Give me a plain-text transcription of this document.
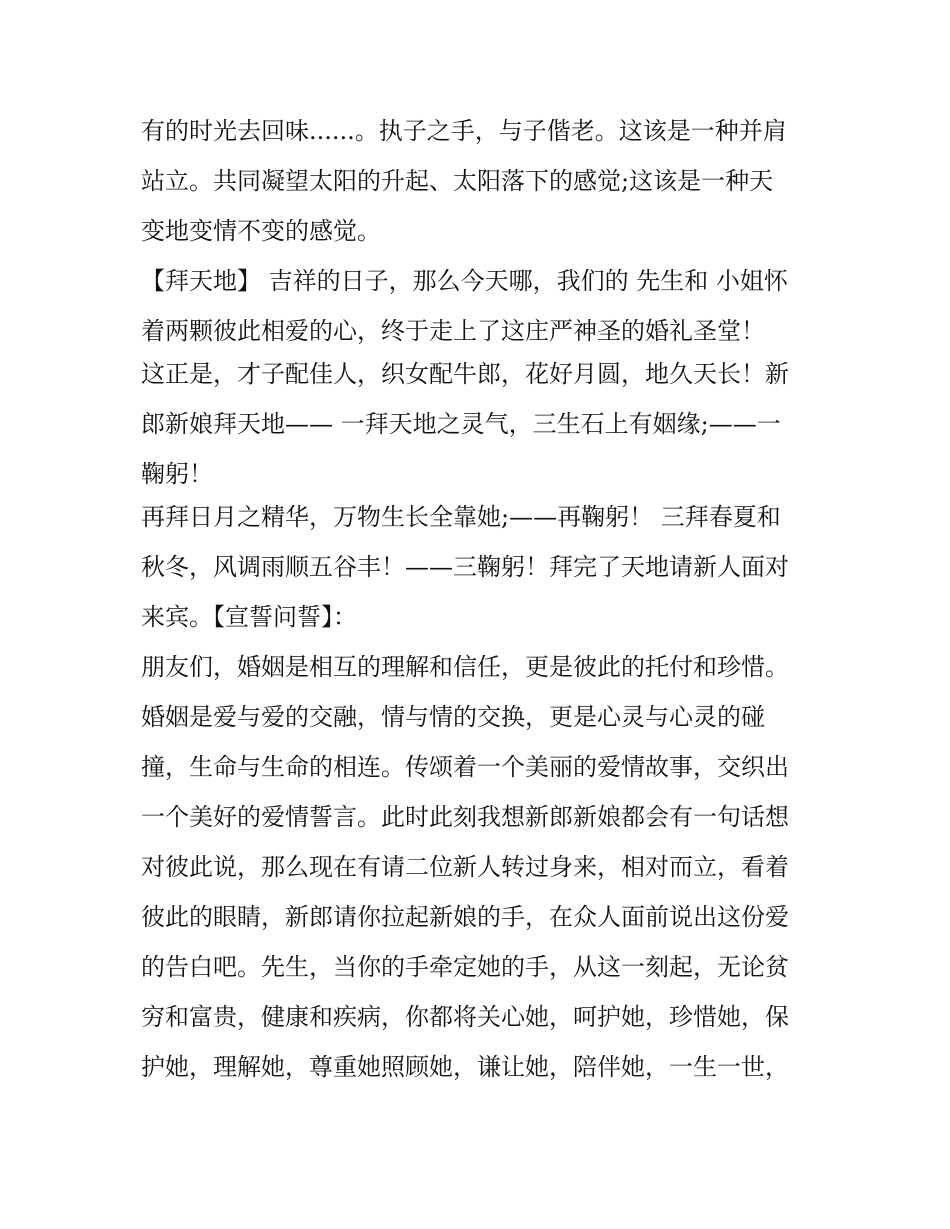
有的时光去回味......。执子之手，与子偕老。这该是一种并肩
站立。共同凝望太阳的升起、太阳落下的感觉;这该是一种天
变地变情不变的感觉。
【拜天地】 吉祥的日子，那么今天哪，我们的 先生和 小姐怀
着两颗彼此相爱的心，终于走上了这庄严神圣的婚礼圣堂！
这正是，才子配佳人，织女配牛郎，花好月圆，地久天长！新
郎新娘拜天地—— 一拜天地之灵气，三生石上有姻缘;——一
鞠躬！
再拜日月之精华，万物生长全靠她;——再鞠躬！ 三拜春夏和
秋冬，风调雨顺五谷丰！——三鞠躬！拜完了天地请新人面对
来宾。【宣誓问誓】：
朋友们，婚姻是相互的理解和信任，更是彼此的托付和珍惜。
婚姻是爱与爱的交融，情与情的交换，更是心灵与心灵的碰
撞，生命与生命的相连。传颂着一个美丽的爱情故事，交织出
一个美好的爱情誓言。此时此刻我想新郎新娘都会有一句话想
对彼此说，那么现在有请二位新人转过身来，相对而立，看着
彼此的眼睛，新郎请你拉起新娘的手，在众人面前说出这份爱
的告白吧。先生，当你的手牵定她的手，从这一刻起，无论贫
穷和富贵，健康和疾病，你都将关心她，呵护她，珍惜她，保
护她，理解她，尊重她照顾她，谦让她，陪伴她，一生一世，
